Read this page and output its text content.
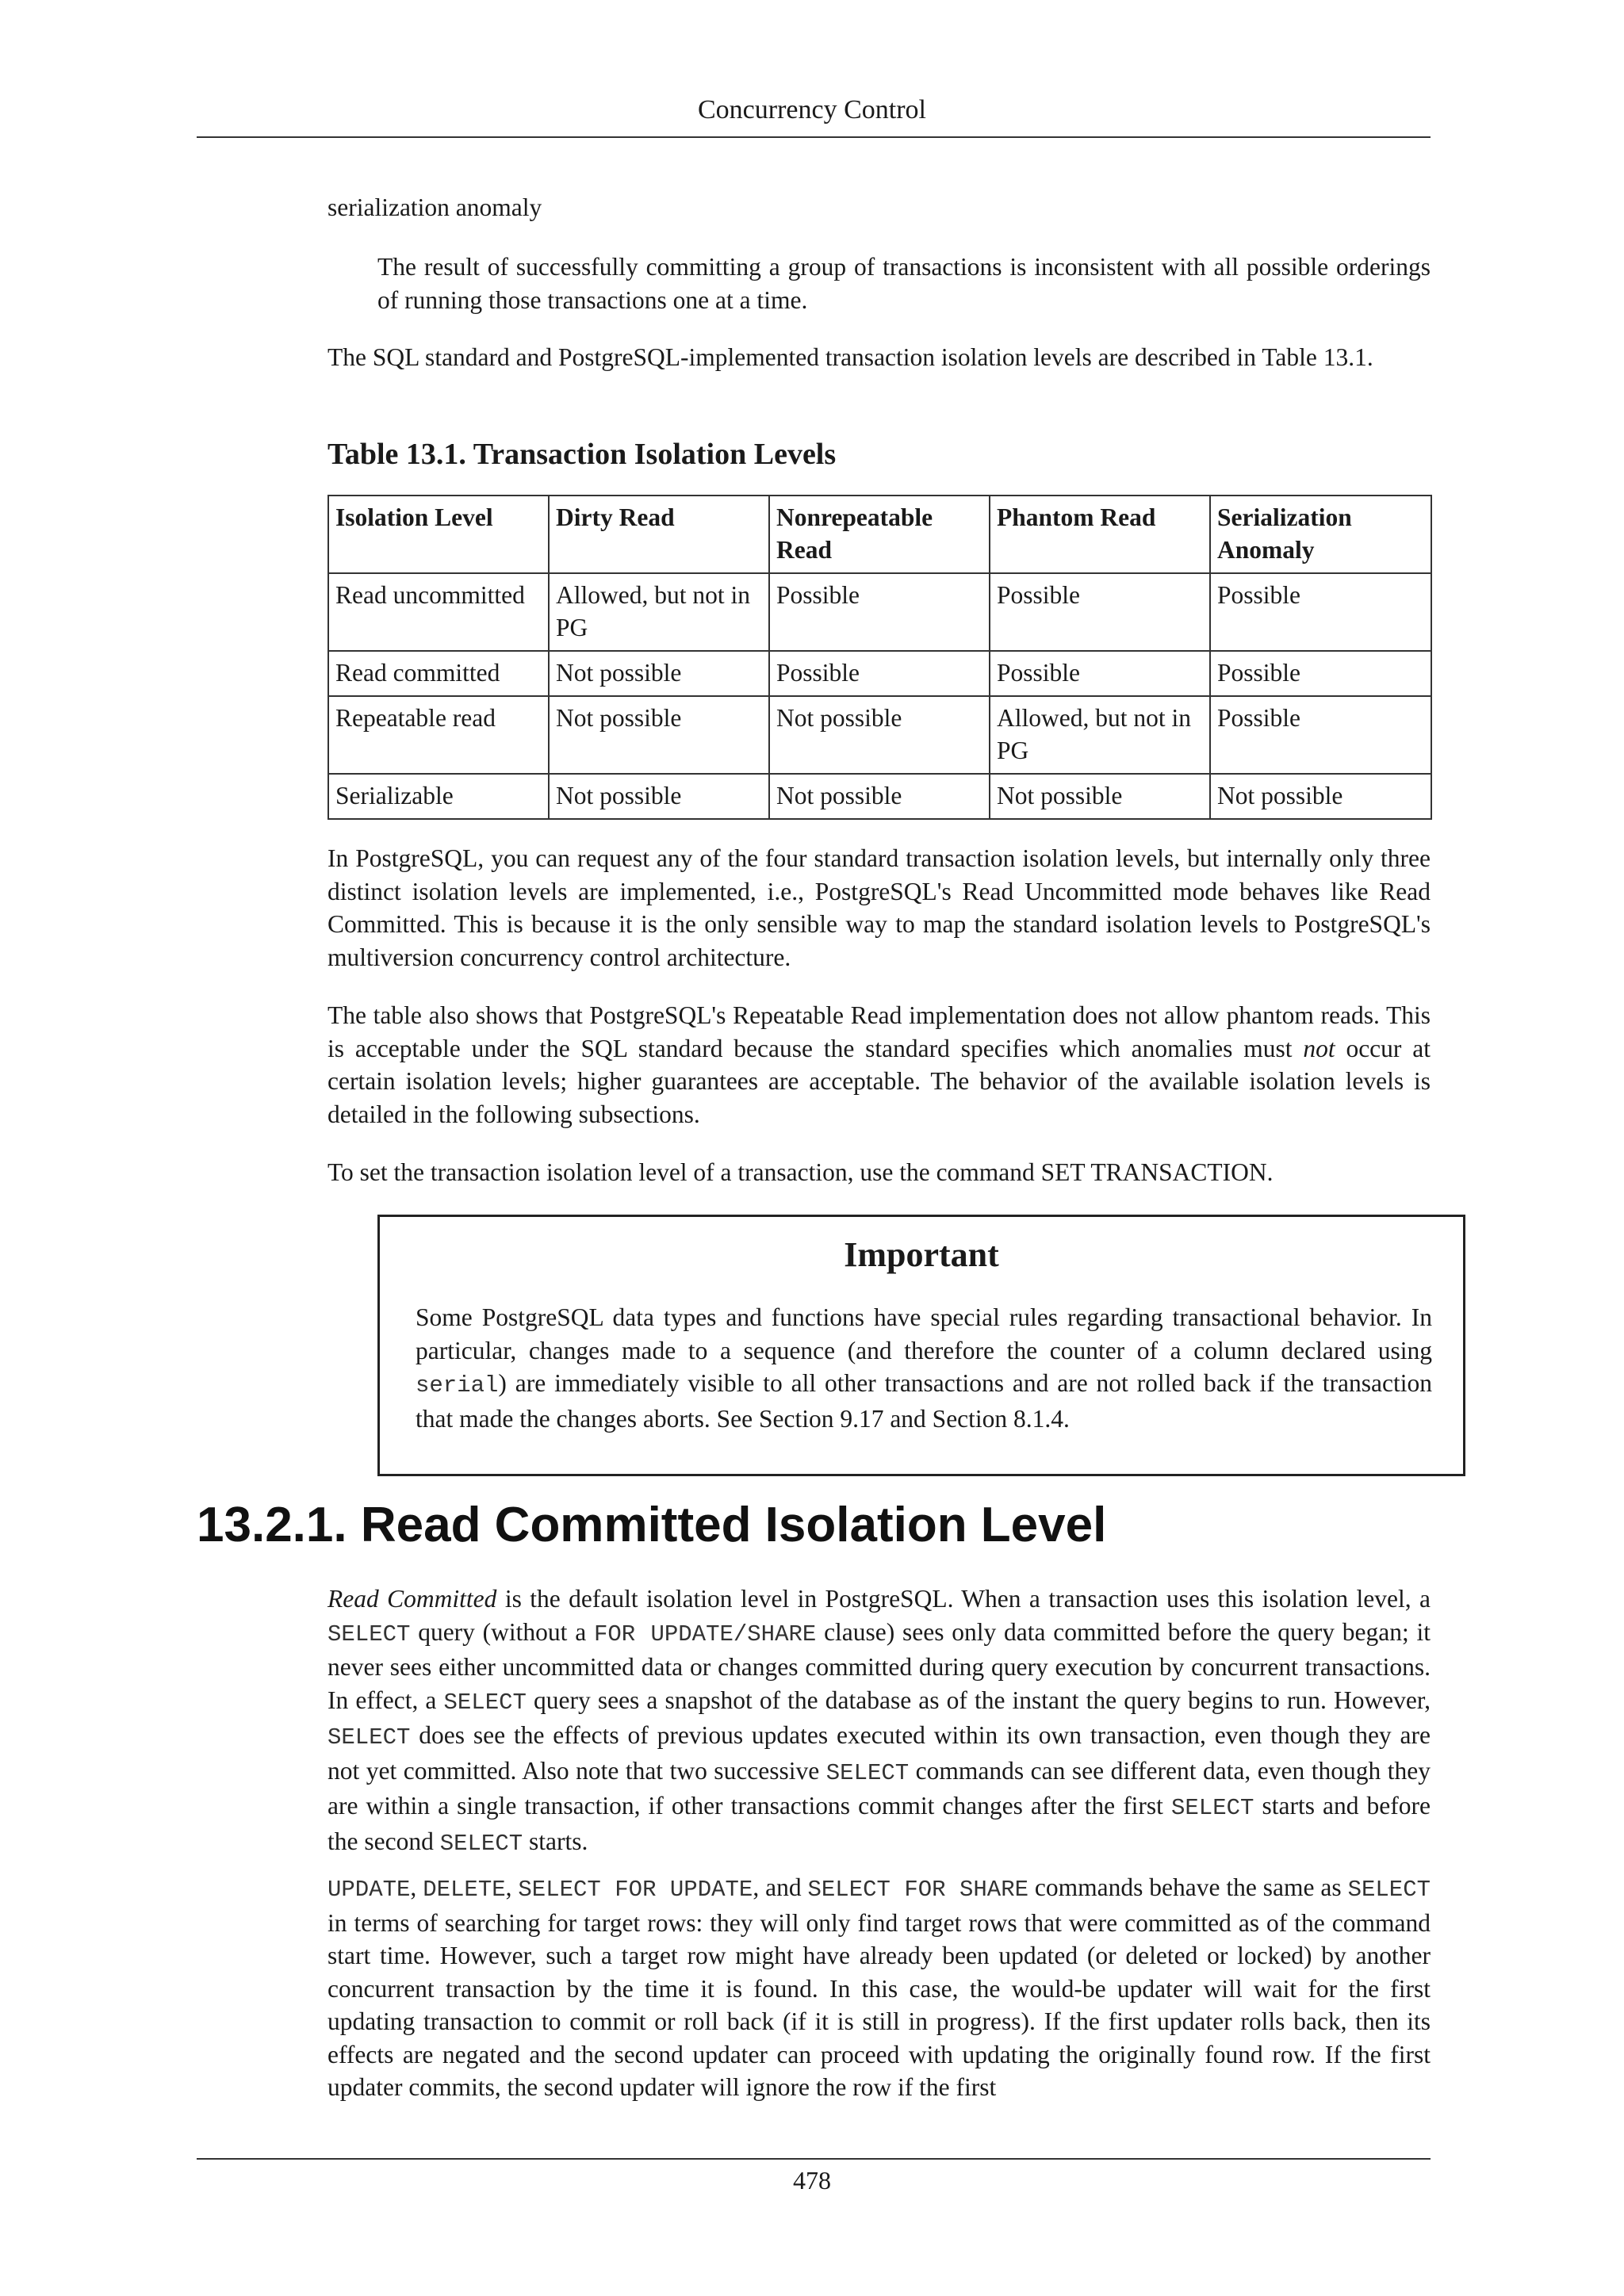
Concurrency Control

serialization anomaly

The result of successfully committing a group of transactions is inconsistent with all possible orderings of running those transactions one at a time.

The SQL standard and PostgreSQL-implemented transaction isolation levels are described in Table 13.1.

Table 13.1. Transaction Isolation Levels

Isolation Level	Dirty Read	Nonrepeatable Read	Phantom Read	Serialization Anomaly
Read uncommitted	Allowed, but not in PG	Possible	Possible	Possible
Read committed	Not possible	Possible	Possible	Possible
Repeatable read	Not possible	Not possible	Allowed, but not in PG	Possible
Serializable	Not possible	Not possible	Not possible	Not possible

In PostgreSQL, you can request any of the four standard transaction isolation levels, but internally only three distinct isolation levels are implemented, i.e., PostgreSQL's Read Uncommitted mode behaves like Read Committed. This is because it is the only sensible way to map the standard isolation levels to PostgreSQL's multiversion concurrency control architecture.

The table also shows that PostgreSQL's Repeatable Read implementation does not allow phantom reads. This is acceptable under the SQL standard because the standard specifies which anomalies must not occur at certain isolation levels; higher guarantees are acceptable. The behavior of the available isolation levels is detailed in the following subsections.

To set the transaction isolation level of a transaction, use the command SET TRANSACTION.

Important

Some PostgreSQL data types and functions have special rules regarding transactional behavior. In particular, changes made to a sequence (and therefore the counter of a column declared using serial) are immediately visible to all other transactions and are not rolled back if the transaction that made the changes aborts. See Section 9.17 and Section 8.1.4.

13.2.1. Read Committed Isolation Level

Read Committed is the default isolation level in PostgreSQL. When a transaction uses this isolation level, a SELECT query (without a FOR UPDATE/SHARE clause) sees only data committed before the query began; it never sees either uncommitted data or changes committed during query execution by concurrent transactions. In effect, a SELECT query sees a snapshot of the database as of the instant the query begins to run. However, SELECT does see the effects of previous updates executed within its own transaction, even though they are not yet committed. Also note that two successive SELECT commands can see different data, even though they are within a single transaction, if other transactions commit changes after the first SELECT starts and before the second SELECT starts.

UPDATE, DELETE, SELECT FOR UPDATE, and SELECT FOR SHARE commands behave the same as SELECT in terms of searching for target rows: they will only find target rows that were committed as of the command start time. However, such a target row might have already been updated (or deleted or locked) by another concurrent transaction by the time it is found. In this case, the would-be updater will wait for the first updating transaction to commit or roll back (if it is still in progress). If the first updater rolls back, then its effects are negated and the second updater can proceed with updating the originally found row. If the first updater commits, the second updater will ignore the row if the first

478
